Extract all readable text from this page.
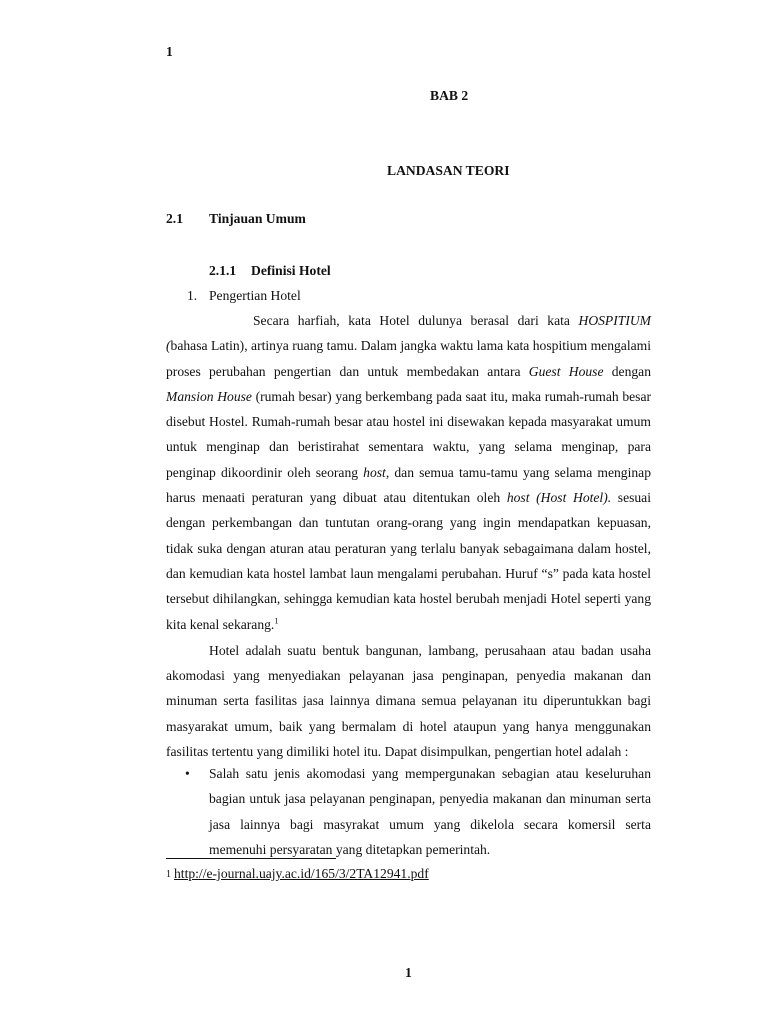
1
BAB 2
LANDASAN TEORI
2.1 Tinjauan Umum
2.1.1 Definisi Hotel
1. Pengertian Hotel

Secara harfiah, kata Hotel dulunya berasal dari kata HOSPITIUM (bahasa Latin), artinya ruang tamu. Dalam jangka waktu lama kata hospitium mengalami proses perubahan pengertian dan untuk membedakan antara Guest House dengan Mansion House (rumah besar) yang berkembang pada saat itu, maka rumah-rumah besar disebut Hostel. Rumah-rumah besar atau hostel ini disewakan kepada masyarakat umum untuk menginap dan beristirahat sementara waktu, yang selama menginap, para penginap dikoordinir oleh seorang host, dan semua tamu-tamu yang selama menginap harus menaati peraturan yang dibuat atau ditentukan oleh host (Host Hotel). sesuai dengan perkembangan dan tuntutan orang-orang yang ingin mendapatkan kepuasan, tidak suka dengan aturan atau peraturan yang terlalu banyak sebagaimana dalam hostel, dan kemudian kata hostel lambat laun mengalami perubahan. Huruf “s” pada kata hostel tersebut dihilangkan, sehingga kemudian kata hostel berubah menjadi Hotel seperti yang kita kenal sekarang.$^1$

Hotel adalah suatu bentuk bangunan, lambang, perusahaan atau badan usaha akomodasi yang menyediakan pelayanan jasa penginapan, penyedia makanan dan minuman serta fasilitas jasa lainnya dimana semua pelayanan itu diperuntukkan bagi masyarakat umum, baik yang bermalam di hotel ataupun yang hanya menggunakan fasilitas tertentu yang dimiliki hotel itu. Dapat disimpulkan, pengertian hotel adalah :

•	Salah satu jenis akomodasi yang mempergunakan sebagian atau keseluruhan bagian untuk jasa pelayanan penginapan, penyedia makanan dan minuman serta jasa lainnya bagi masyrakat umum yang dikelola secara komersil serta memenuhi persyaratan yang ditetapkan pemerintah.
1 http://e-journal.uajy.ac.id/165/3/2TA12941.pdf
1
